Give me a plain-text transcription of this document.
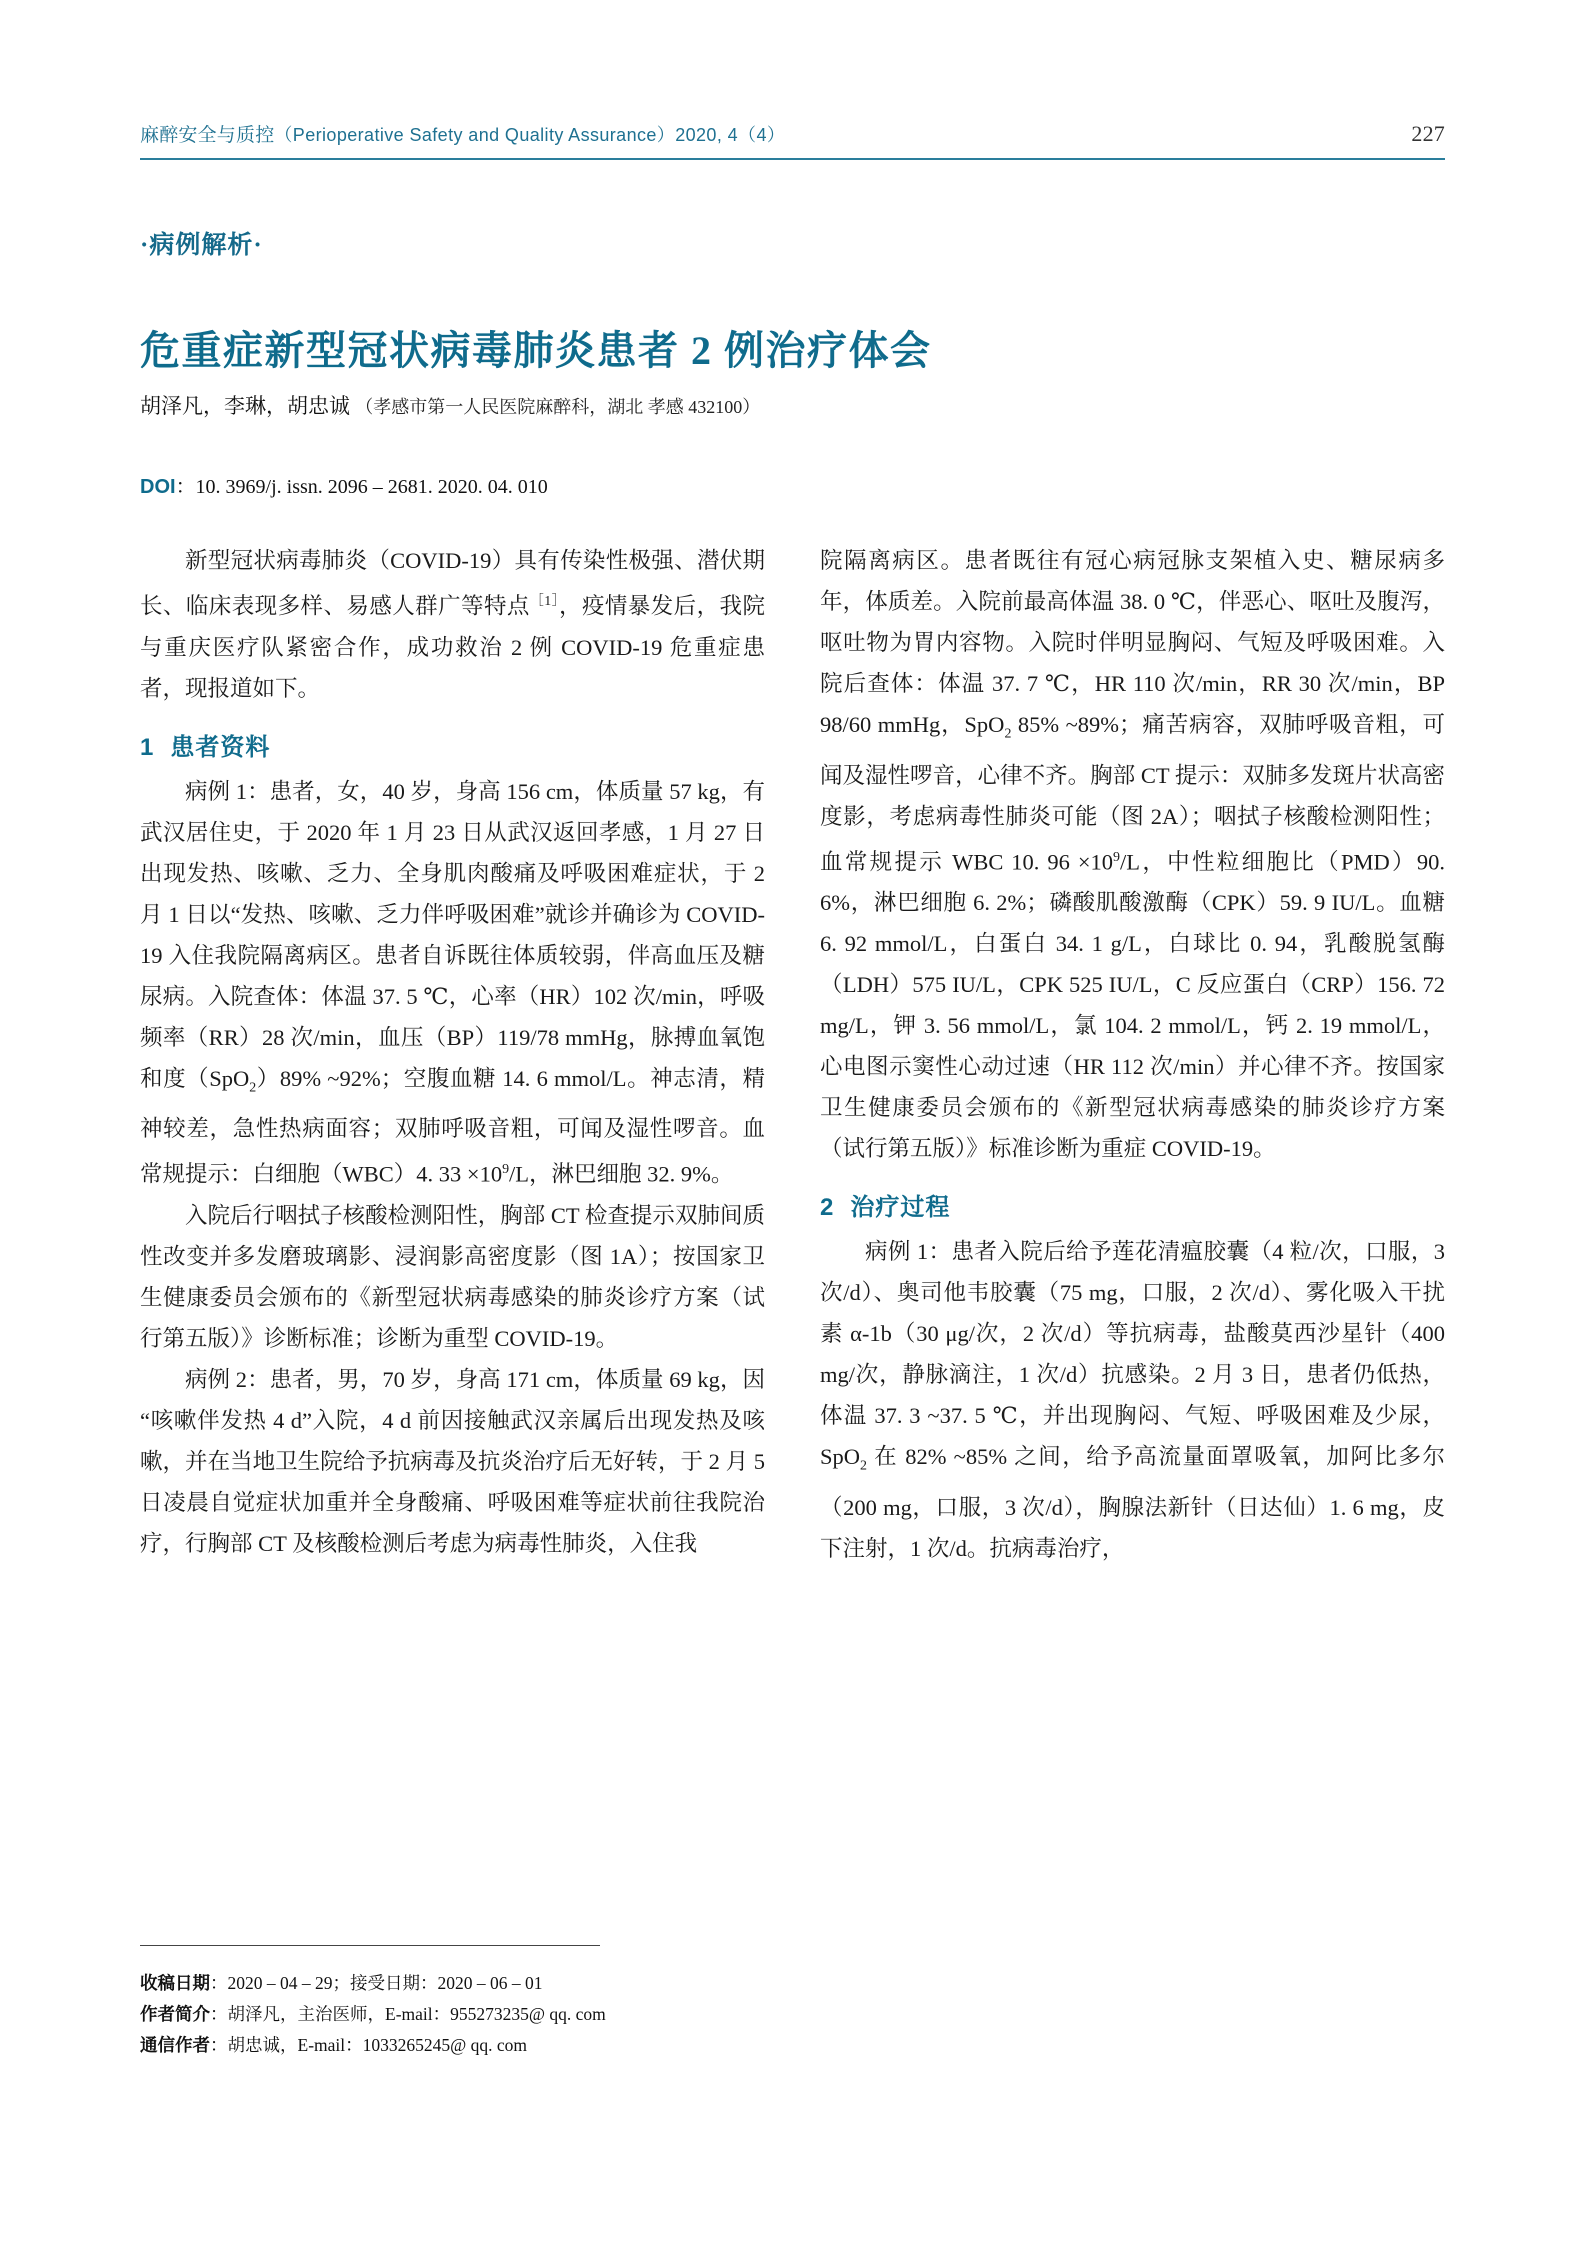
麻醉安全与质控（Perioperative Safety and Quality Assurance）2020, 4（4）	227
·病例解析·
危重症新型冠状病毒肺炎患者 2 例治疗体会
胡泽凡，李琳，胡忠诚 （孝感市第一人民医院麻醉科，湖北 孝感 432100）
DOI：10. 3969/j. issn. 2096 – 2681. 2020. 04. 010

新型冠状病毒肺炎（COVID-19）具有传染性极强、潜伏期长、临床表现多样、易感人群广等特点$^{[1]}$，疫情暴发后，我院与重庆医疗队紧密合作，成功救治 2 例 COVID-19 危重症患者，现报道如下。

1 患者资料

病例 1：患者，女，40 岁，身高 156 cm，体质量 57 kg，有武汉居住史，于 2020 年 1 月 23 日从武汉返回孝感，1 月 27 日出现发热、咳嗽、乏力、全身肌肉酸痛及呼吸困难症状，于 2 月 1 日以“发热、咳嗽、乏力伴呼吸困难”就诊并确诊为 COVID-19 入住我院隔离病区。患者自诉既往体质较弱，伴高血压及糖尿病。入院查体：体温 37. 5 ℃，心率（HR）102 次/min，呼吸频率（RR）28 次/min，血压（BP）119/78 mmHg，脉搏血氧饱和度（SpO$_2$）89% ~92%；空腹血糖 14. 6 mmol/L。神志清，精神较差，急性热病面容；双肺呼吸音粗，可闻及湿性啰音。血常规提示：白细胞（WBC）4. $33 \times 10^9/L$，淋巴细胞 32. 9%。

入院后行咽拭子核酸检测阳性，胸部 CT 检查提示双肺间质性改变并多发磨玻璃影、浸润影高密度影（图 1A）；按国家卫生健康委员会颁布的《新型冠状病毒感染的肺炎诊疗方案（试行第五版）》诊断标准；诊断为重型 COVID-19。

病例 2：患者，男，70 岁，身高 171 cm，体质量 69 kg，因“咳嗽伴发热 4 d”入院，4 d 前因接触武汉亲属后出现发热及咳嗽，并在当地卫生院给予抗病毒及抗炎治疗后无好转，于 2 月 5 日凌晨自觉症状加重并全身酸痛、呼吸困难等症状前往我院治疗，行胸部 CT 及核酸检测后考虑为病毒性肺炎，入住我

院隔离病区。患者既往有冠心病冠脉支架植入史、糖尿病多年，体质差。入院前最高体温 38. 0 ℃，伴恶心、呕吐及腹泻，呕吐物为胃内容物。入院时伴明显胸闷、气短及呼吸困难。入院后查体：体温 37. 7 ℃，HR 110 次/min，RR 30 次/min，BP 98/60 mmHg，SpO$_2$ 85% ~89%；痛苦病容，双肺呼吸音粗，可闻及湿性啰音，心律不齐。胸部 CT 提示：双肺多发斑片状高密度影，考虑病毒性肺炎可能（图 2A）；咽拭子核酸检测阳性；血常规提示 WBC 10. $96 \times 10^9/L$，中性粒细胞比（PMD）90. 6%，淋巴细胞 6. 2%；磷酸肌酸激酶（CPK）59. 9 IU/L。血糖 6. 92 mmol/L，白蛋白 34. 1 g/L，白球比 0. 94，乳酸脱氢酶（LDH）575 IU/L，CPK 525 IU/L，C 反应蛋白（CRP）156. 72 mg/L，钾 3. 56 mmol/L，氯 104. 2 mmol/L，钙 2. 19 mmol/L，心电图示窦性心动过速（HR 112 次/min）并心律不齐。按国家卫生健康委员会颁布的《新型冠状病毒感染的肺炎诊疗方案（试行第五版）》标准诊断为重症 COVID-19。

2 治疗过程

病例 1：患者入院后给予莲花清瘟胶囊（4 粒/次，口服，3 次/d）、奥司他韦胶囊（75 mg，口服，2 次/d）、雾化吸入干扰素 α-1b（30 μg/次，2 次/d）等抗病毒，盐酸莫西沙星针（400 mg/次，静脉滴注，1 次/d）抗感染。2 月 3 日，患者仍低热，体温 37. 3 ~37. 5 ℃，并出现胸闷、气短、呼吸困难及少尿，SpO$_2$ 在 82% ~85% 之间，给予高流量面罩吸氧，加阿比多尔（200 mg，口服，3 次/d），胸腺法新针（日达仙）1. 6 mg，皮下注射，1 次/d。抗病毒治疗，

收稿日期：2020 – 04 – 29；接受日期：2020 – 06 – 01
作者简介：胡泽凡，主治医师，E-mail：955273235@ qq. com
通信作者：胡忠诚，E-mail：1033265245@ qq. com
